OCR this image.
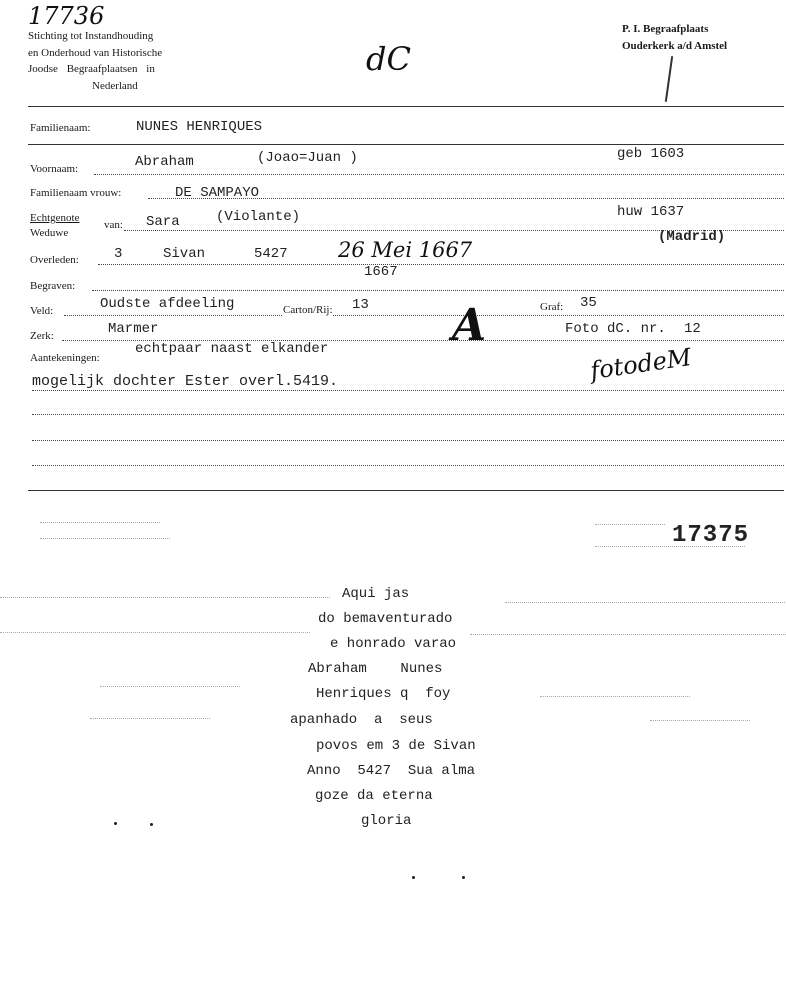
17736
Stichting tot Instandhouding
en Onderhoud van Historische
Joodse Begraafplaatsen in
Nederland
dC
P. I. Begraafplaats
Ouderkerk a/d Amstel
Familienaam:	NUNES HENRIQUES
Voornaam:	Abraham	(Joao=Juan )	geb 1603
Familienaam vrouw:	DE SAMPAYO
Echtgenote
Weduwe
van: Sara	(Violante)	huw 1637
(Madrid)
Overleden:	3	Sivan	5427 26 Mei 1667
1667
Begraven:
Veld:	Oudste afdeeling	Carton/Rij: 13	Graf: 35
Zerk:	Marmer	A	Foto dC. nr. 12
Aantekeningen:
echtpaar naast elkander
mogelijk dochter Ester overl.5419.	fotodeM
17375
Aqui jas
do bemaventurado
e honrado varao
Abraham    Nunes
Henriques q  foy
apanhado  a  seus
povos em 3 de Sivan
Anno  5427  Sua alma
goze da eterna
gloria
